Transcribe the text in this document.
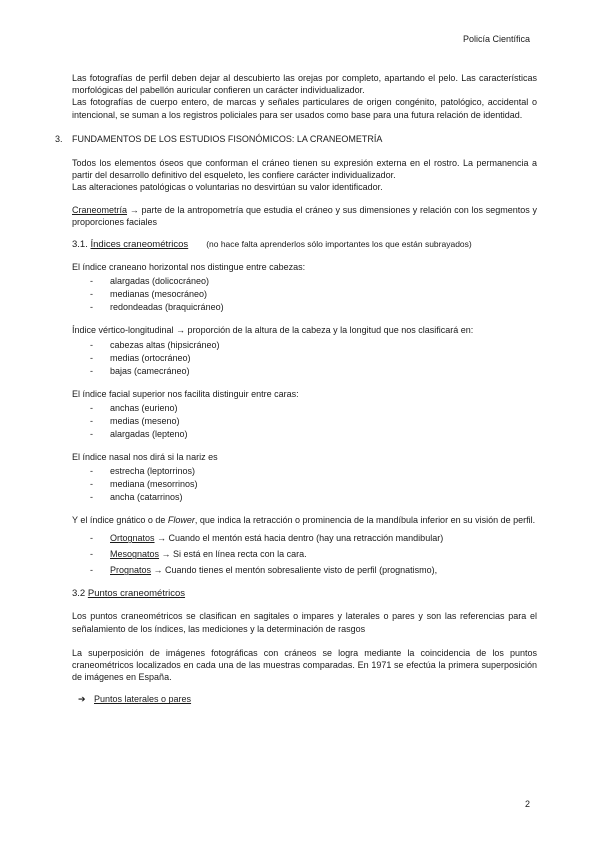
Policía Científica

Las fotografías de perfil deben dejar al descubierto las orejas por completo, apartando el pelo. Las características morfológicas del pabellón auricular confieren un carácter individualizador.

Las fotografías de cuerpo entero, de marcas y señales particulares de origen congénito, patológico, accidental o intencional, se suman a los registros policiales para ser usados como base para una futura relación de identidad.

3. FUNDAMENTOS DE LOS ESTUDIOS FISONÓMICOS: LA CRANEOMETRÍA

Todos los elementos óseos que conforman el cráneo tienen su expresión externa en el rostro. La permanencia a partir del desarrollo definitivo del esqueleto, les confiere carácter individualizador.

Las alteraciones patológicas o voluntarias no desvirtúan su valor identificador.

Craneometría → parte de la antropometría que estudia el cráneo y sus dimensiones y relación con los segmentos y proporciones faciales

3.1. Índices craneométricos (no hace falta aprenderlos sólo importantes los que están subrayados)

El índice craneano horizontal nos distingue entre cabezas:

- alargadas (dolicocráneo)
- medianas (mesocráneo)
- redondeadas (braquicráneo)

Índice vértico-longitudinal → proporción de la altura de la cabeza y la longitud que nos clasificará en:

- cabezas altas (hipsicráneo)
- medias (ortocráneo)
- bajas (camecráneo)

El índice facial superior nos facilita distinguir entre caras:

- anchas (eurieno)
- medias (meseno)
- alargadas (lepteno)

El índice nasal nos dirá si la nariz es

- estrecha (leptorrinos)
- mediana (mesorrinos)
- ancha (catarrinos)

Y el índice gnático o de Flower, que indica la retracción o prominencia de la mandíbula inferior en su visión de perfil.

- Ortognatos → Cuando el mentón está hacia dentro (hay una retracción mandibular)
- Mesognatos → Si está en línea recta con la cara.
- Prognatos → Cuando tienes el mentón sobresaliente visto de perfil (prognatismo),

3.2 Puntos craneométricos

Los puntos craneométricos se clasifican en sagitales o impares y laterales o pares y son las referencias para el señalamiento de los índices, las mediciones y la determinación de rasgos

La superposición de imágenes fotográficas con cráneos se logra mediante la coincidencia de los puntos craneométricos localizados en cada una de las muestras comparadas. En 1971 se efectúa la primera superposición de imágenes en España.

➔ Puntos laterales o pares

2
